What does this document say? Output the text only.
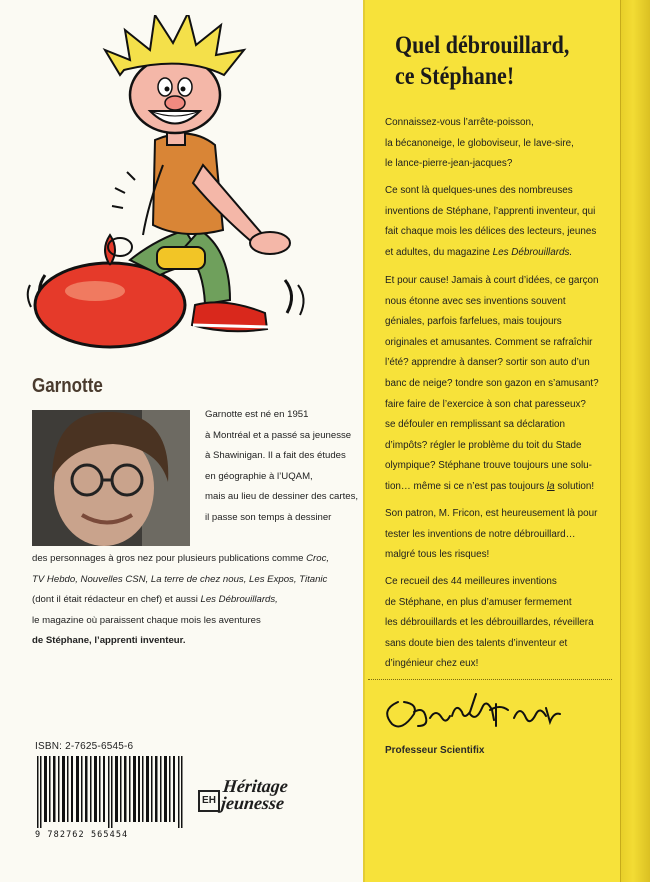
Garnotte
Garnotte est né en 1951
à Montréal et a passé sa jeunesse
à Shawinigan. Il a fait des études
en géographie à l’UQAM,
mais au lieu de dessiner des cartes,
il passe son temps à dessiner
des personnages à gros nez pour plusieurs publications comme Croc,
TV Hebdo, Nouvelles CSN, La terre de chez nous, Les Expos, Titanic
(dont il était rédacteur en chef) et aussi Les Débrouillards,
le magazine où paraissent chaque mois les aventures
de Stéphane, l’apprenti inventeur.
ISBN: 2-7625-6545-6
9 782762 565454
EH
Héritage
jeunesse
Quel débrouillard,
ce Stéphane!
Connaissez-vous l’arrête-poisson,
la bécanoneige, le globoviseur, le lave-sire,
le lance-pierre-jean-jacques?
Ce sont là quelques-unes des nombreuses
inventions de Stéphane, l’apprenti inventeur, qui
fait chaque mois les délices des lecteurs, jeunes
et adultes, du magazine Les Débrouillards.
Et pour cause! Jamais à court d’idées, ce garçon
nous étonne avec ses inventions souvent
géniales, parfois farfelues, mais toujours
originales et amusantes. Comment se rafraîchir
l’été? apprendre à danser? sortir son auto d’un
banc de neige? tondre son gazon en s’amusant?
faire faire de l’exercice à son chat paresseux?
se défouler en remplissant sa déclaration
d’impôts? régler le problème du toit du Stade
olympique? Stéphane trouve toujours une solu-
tion… même si ce n’est pas toujours la solution!
Son patron, M. Fricon, est heureusement là pour
tester les inventions de notre débrouillard…
malgré tous les risques!
Ce recueil des 44 meilleures inventions
de Stéphane, en plus d’amuser fermement
les débrouillards et les débrouillardes, réveillera
sans doute bien des talents d’inventeur et
d’ingénieur chez eux!
Professeur Scientifix
